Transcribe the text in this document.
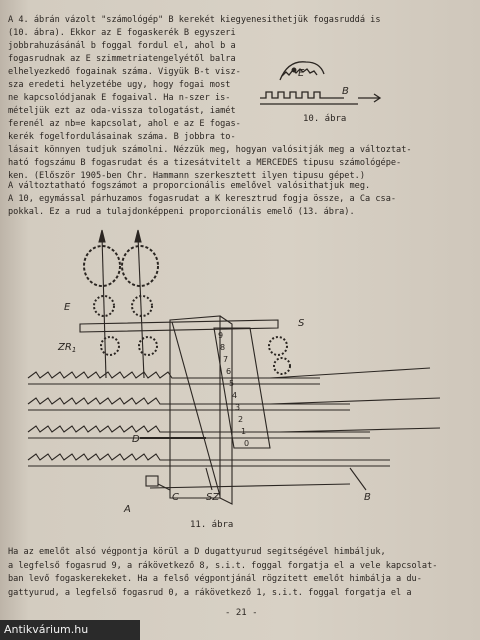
A 4. ábrán vázolt "számológép" B kerekét kiegyenesithetjük fogasruddá is
(10. ábra). Ekkor az E fogaskerék B egyszeri
jobbrahuzásánál b foggal fordul el, ahol b a
fogasrudnak az E szimmetriatengelyétől balra
elhelyezkedő fogainak száma. Vigyük B-t visz-
sza eredeti helyzetébe ugy, hogy fogai most
ne kapcsolódjanak E fogaival. Ha n-szer is-
mételjük ezt az oda-vissza tologatást, iamét
ferenél az nb=e kapcsolat, ahol e az E fogas-
kerék fogelfordulásainak száma. B jobbra to-
E
B
10. ábra
lásait könnyen tudjuk számolni. Nézzük meg, hogyan valósitják meg a változtat-
ható fogszámu B fogasrudat és a tizesátvitelt a MERCEDES tipusu számológépe-
ken. (Először 1905-ben Chr. Hammann szerkesztett ilyen tipusu gépet.)
A változtatható fogszámot a proporcionális emelővel valósithatjuk meg.
A 10, egymással párhuzamos fogasrudat a K keresztrud fogja össze, a Ca csa-
pokkal. Ez a rud a tulajdonképpeni proporcionális emelő (13. ábra).
E
S
$ZR_1$
D
A
C	SZ	B
9
8
7
6
5
4
3
2
1
0
11. ábra
Ha az emelőt alsó végpontja körül a D dugattyurud segitségével himbáljuk,
a legfelső fogasrud 9, a rákövetkező 8, s.i.t. foggal forgatja el a vele kapcsolat-
ban levő fogaskerekeket. Ha a felső végpontjánál rögzitett emelőt himbálja a du-
gattyurud, a legfelső fogasrud 0, a rákövetkező 1, s.i.t. foggal forgatja el a
- 21 -
Antikvárium.hu
